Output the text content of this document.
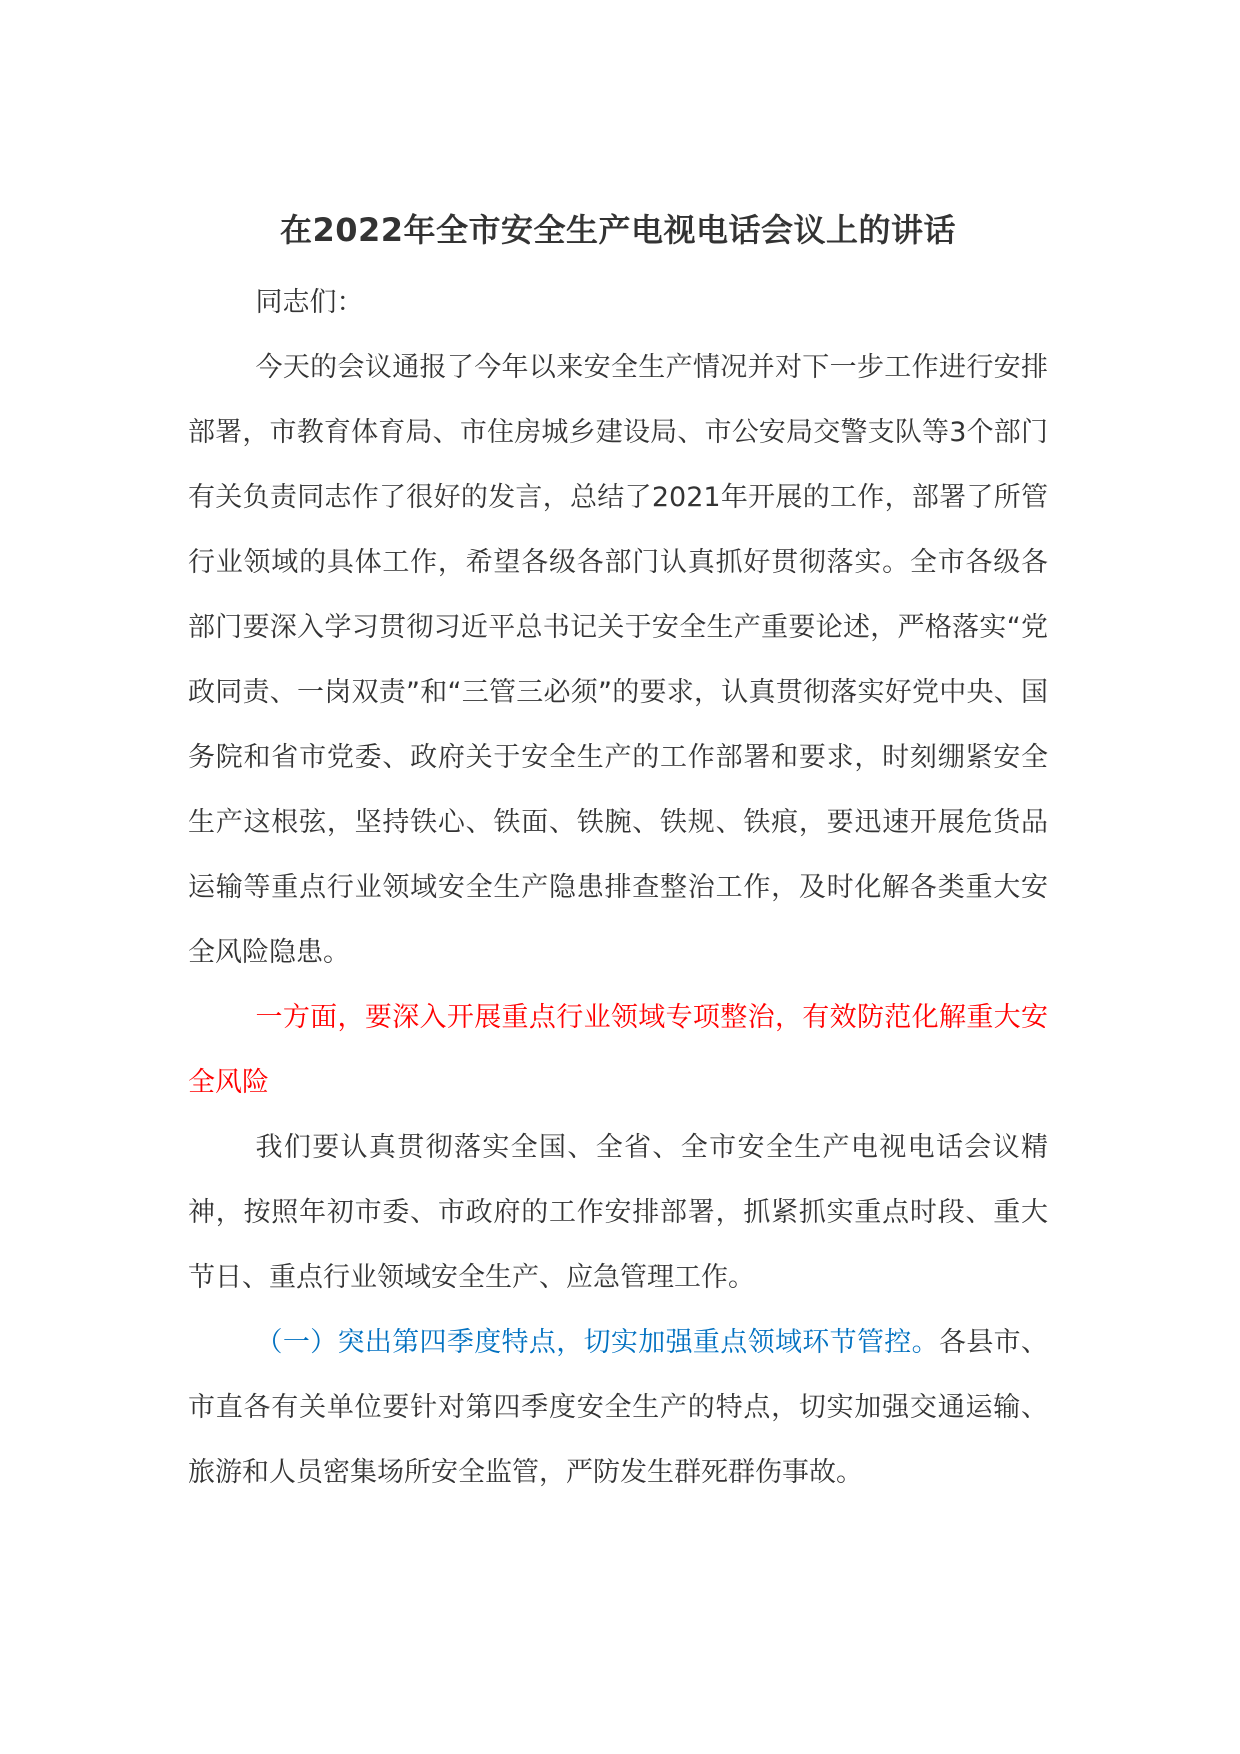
在2022年全市安全生产电视电话会议上的讲话

同志们：

今天的会议通报了今年以来安全生产情况并对下一步工作进行安排部署，市教育体育局、市住房城乡建设局、市公安局交警支队等3个部门有关负责同志作了很好的发言，总结了2021年开展的工作，部署了所管行业领域的具体工作，希望各级各部门认真抓好贯彻落实。全市各级各部门要深入学习贯彻习近平总书记关于安全生产重要论述，严格落实“党政同责、一岗双责”和“三管三必须”的要求，认真贯彻落实好党中央、国务院和省市党委、政府关于安全生产的工作部署和要求，时刻绷紧安全生产这根弦，坚持铁心、铁面、铁腕、铁规、铁痕，要迅速开展危货品运输等重点行业领域安全生产隐患排查整治工作，及时化解各类重大安全风险隐患。

一方面，要深入开展重点行业领域专项整治，有效防范化解重大安全风险

我们要认真贯彻落实全国、全省、全市安全生产电视电话会议精神，按照年初市委、市政府的工作安排部署，抓紧抓实重点时段、重大节日、重点行业领域安全生产、应急管理工作。

（一）突出第四季度特点，切实加强重点领域环节管控。各县市、市直各有关单位要针对第四季度安全生产的特点，切实加强交通运输、旅游和人员密集场所安全监管，严防发生群死群伤事故。
